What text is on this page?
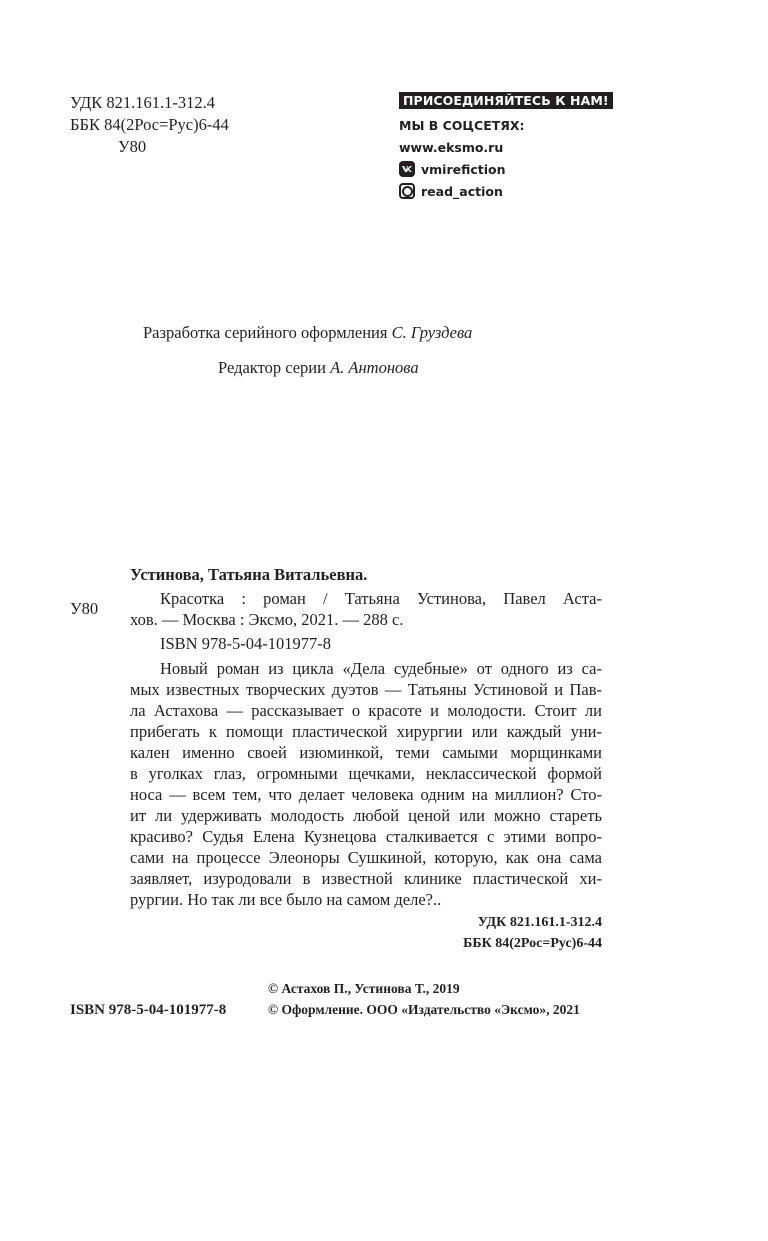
УДК 821.161.1-312.4
ББК 84(2Рос=Рус)6-44
У80
ПРИСОЕДИНЯЙТЕСЬ К НАМ!
МЫ В СОЦСЕТЯХ:
www.eksmo.ru
vmirefiction
read_action
Разработка серийного оформления С. Груздева
Редактор серии А. Антонова
Устинова, Татьяна Витальевна.
У80
Красотка : роман / Татьяна Устинова, Павел Аста-
хов. — Москва : Эксмо, 2021. — 288 с.
ISBN 978-5-04-101977-8
Новый роман из цикла «Дела судебные» от одного из са-
мых известных творческих дуэтов — Татьяны Устиновой и Пав-
ла Астахова — рассказывает о красоте и молодости. Стоит ли
прибегать к помощи пластической хирургии или каждый уни-
кален именно своей изюминкой, теми самыми морщинками
в уголках глаз, огромными щечками, неклассической формой
носа — всем тем, что делает человека одним на миллион? Сто-
ит ли удерживать молодость любой ценой или можно стареть
красиво? Судья Елена Кузнецова сталкивается с этими вопро-
сами на процессе Элеоноры Сушкиной, которую, как она сама
заявляет, изуродовали в известной клинике пластической хи-
рургии. Но так ли все было на самом деле?..
УДК 821.161.1-312.4
ББК 84(2Рос=Рус)6-44
ISBN 978-5-04-101977-8
© Астахов П., Устинова Т., 2019
© Оформление. ООО «Издательство «Эксмо», 2021
